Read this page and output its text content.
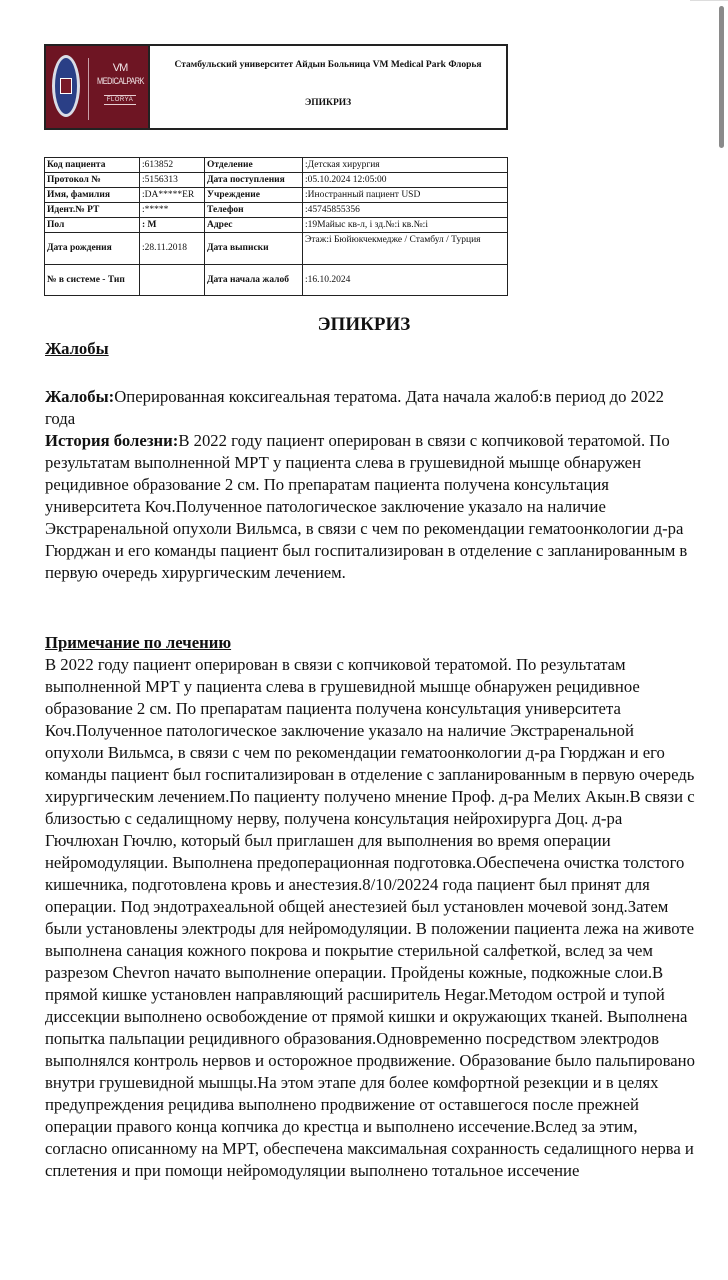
VM
MEDICALPARK
FLORYA
Стамбульский университет Айдын Больница VM Medical Park Флорья
ЭПИКРИЗ
Код пациента	:613852	Отделение	:Детская хирургия
Протокол №	:5156313	Дата поступления	:05.10.2024 12:05:00
Имя, фамилия	:DA*****ER	Учреждение	:Иностранный пациент USD
Идент.№ РТ	:*****	Телефон	:45745855356
Пол	: M	Адрес	:19Майыс кв-л, і зд.№:і кв.№:і
Дата рождения	:28.11.2018	Дата выписки	Этаж:і Бюйюкчекмедже / Стамбул / Турция
№ в системе - Тип		Дата начала жалоб	:16.10.2024
ЭПИКРИЗ
Жалобы
Жалобы:Оперированная коксигеальная тератома. Дата начала жалоб:в период до 2022 года
История болезни:В 2022 году пациент оперирован в связи с копчиковой тератомой. По результатам выполненной МРТ у пациента слева в грушевидной мышце обнаружен рецидивное образование 2 см. По препаратам пациента получена консультация университета Коч.Полученное патологическое заключение указало на наличие Экстраренальной опухоли Вильмса, в связи с чем по рекомендации гематоонкологии д-ра Гюрджан и его команды пациент был госпитализирован в отделение с запланированным в первую очередь хирургическим лечением.
Примечание по лечению
В 2022 году пациент оперирован в связи с копчиковой тератомой. По результатам выполненной МРТ у пациента слева в грушевидной мышце обнаружен рецидивное образование 2 см. По препаратам пациента получена консультация университета Коч.Полученное патологическое заключение указало на наличие Экстраренальной опухоли Вильмса, в связи с чем по рекомендации гематоонкологии д-ра Гюрджан и его команды пациент был госпитализирован в отделение с запланированным в первую очередь хирургическим лечением.По пациенту получено мнение Проф. д-ра Мелих Акын.В связи с близостью с седалищному нерву, получена консультация нейрохирурга Доц. д-ра Гючлюхан Гючлю, который был приглашен для выполнения во время операции нейромодуляции. Выполнена предоперационная подготовка.Обеспечена очистка толстого кишечника, подготовлена кровь и анестезия.8/10/20224 года пациент был принят для операции. Под эндотрахеальной общей анестезией был установлен мочевой зонд.Затем были установлены электроды для нейромодуляции. В положении пациента лежа на животе выполнена санация кожного покрова и покрытие стерильной салфеткой, вслед за чем разрезом Chevron начато выполнение операции. Пройдены кожные, подкожные слои.В прямой кишке установлен направляющий расширитель Hegar.Методом острой и тупой диссекции выполнено освобождение от прямой кишки и окружающих тканей. Выполнена попытка пальпации рецидивного образования.Одновременно посредством электродов выполнялся контроль нервов и осторожное продвижение. Образование было пальпировано внутри грушевидной мышцы.На этом этапе для более комфортной резекции и в целях предупреждения рецидива выполнено продвижение от оставшегося после прежней операции правого конца копчика до крестца и выполнено иссечение.Вслед за этим, согласно описанному на МРТ, обеспечена максимальная сохранность седалищного нерва и сплетения и при помощи нейромодуляции выполнено тотальное иссечение
